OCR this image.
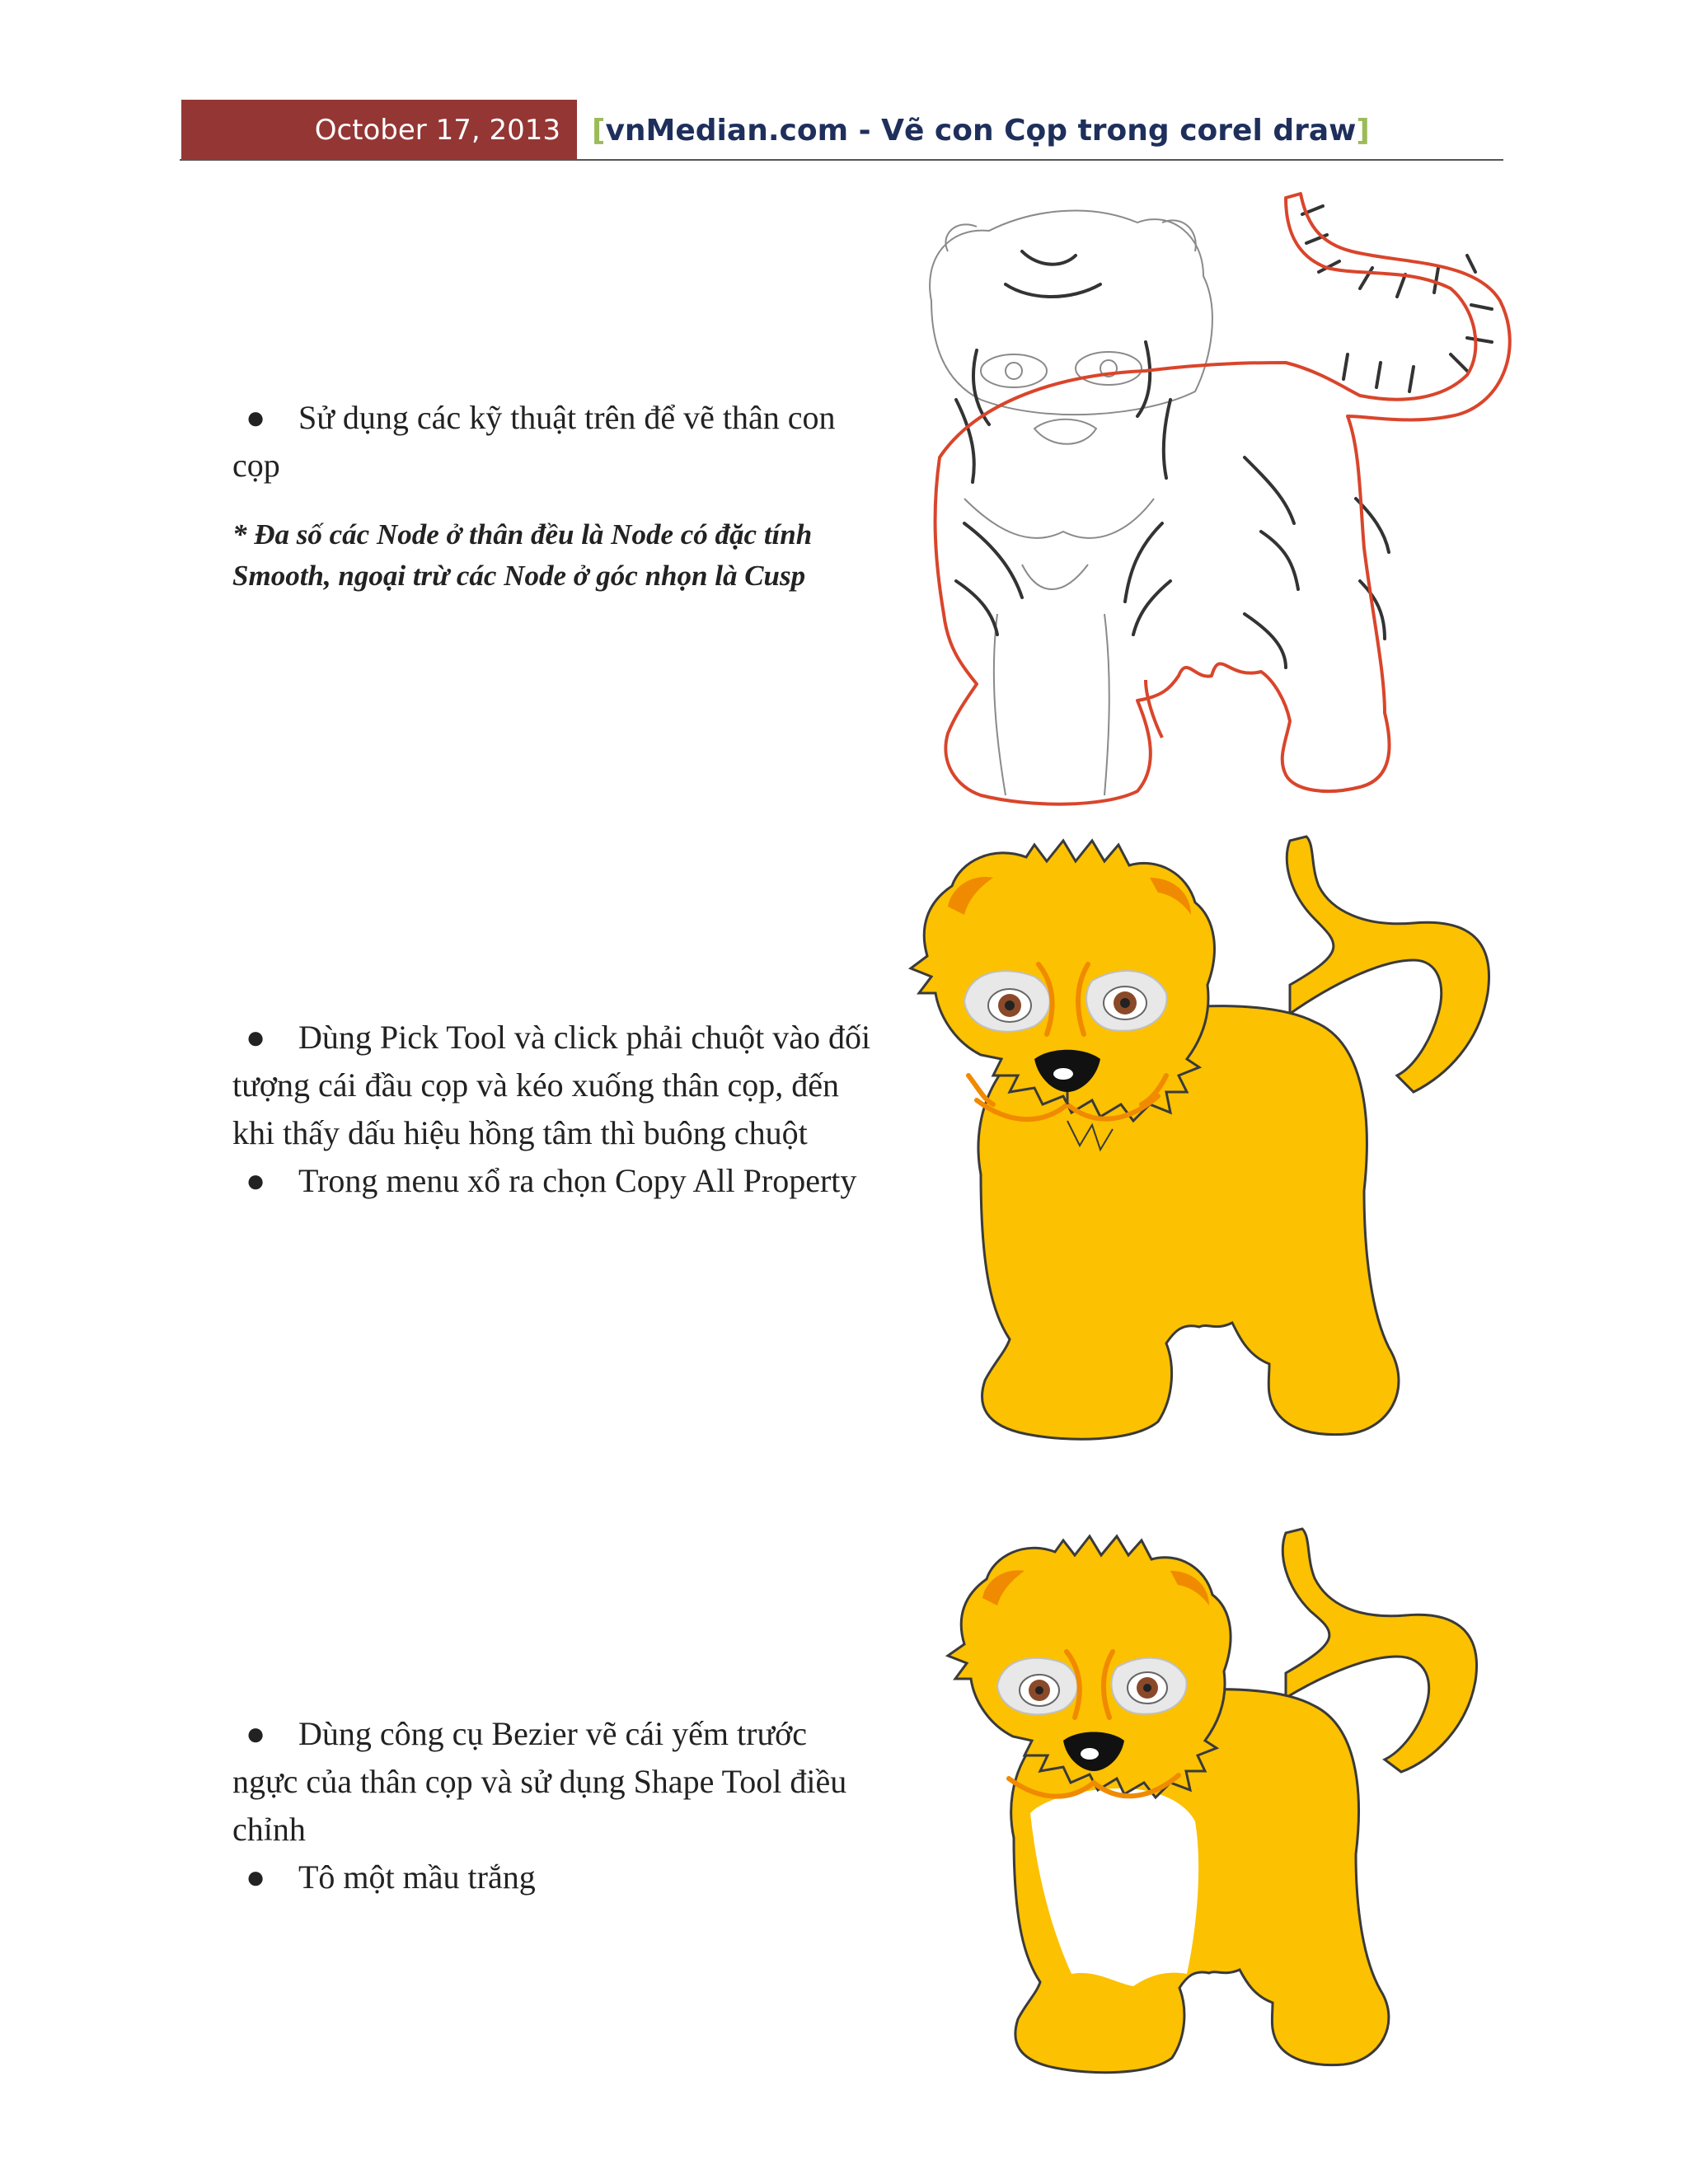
October 17, 2013	[ vnMedian.com - Vẽ con Cọp trong corel draw ]
● Sử dụng các kỹ thuật trên để vẽ thân con cọp
* Đa số các Node ở thân đều là Node có đặc tính Smooth, ngoại trừ các Node ở góc nhọn là Cusp
● Dùng Pick Tool và click phải chuột vào đối tượng cái đầu cọp và kéo xuống thân cọp, đến khi thấy dấu hiệu hồng tâm thì buông chuột
● Trong menu xổ ra chọn Copy All Property
● Dùng công cụ Bezier vẽ cái yếm trước ngực của thân cọp và sử dụng Shape Tool điều chỉnh
● Tô một mầu trắng
